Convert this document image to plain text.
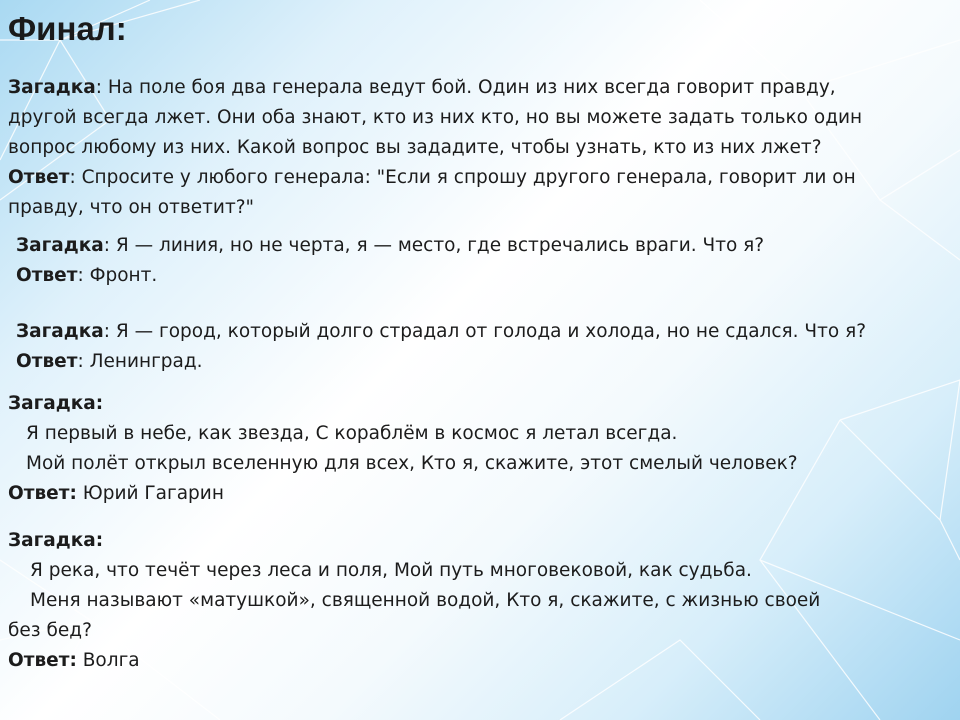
Финал:
Загадка: На поле боя два генерала ведут бой. Один из них всегда говорит правду,
другой всегда лжет. Они оба знают, кто из них кто, но вы можете задать только один
вопрос любому из них. Какой вопрос вы зададите, чтобы узнать, кто из них лжет?
Ответ: Спросите у любого генерала: "Если я спрошу другого генерала, говорит ли он
правду, что он ответит?"
Загадка: Я — линия, но не черта, я — место, где встречались враги. Что я?
Ответ: Фронт.
Загадка: Я — город, который долго страдал от голода и холода, но не сдался. Что я?
Ответ: Ленинград.
Загадка:
Я первый в небе, как звезда, С кораблём в космос я летал всегда.
Мой полёт открыл вселенную для всех, Кто я, скажите, этот смелый человек?
Ответ: Юрий Гагарин
Загадка:
Я река, что течёт через леса и поля, Мой путь многовековой, как судьба.
Меня называют «матушкой», священной водой, Кто я, скажите, с жизнью своей
без бед?
Ответ: Волга
